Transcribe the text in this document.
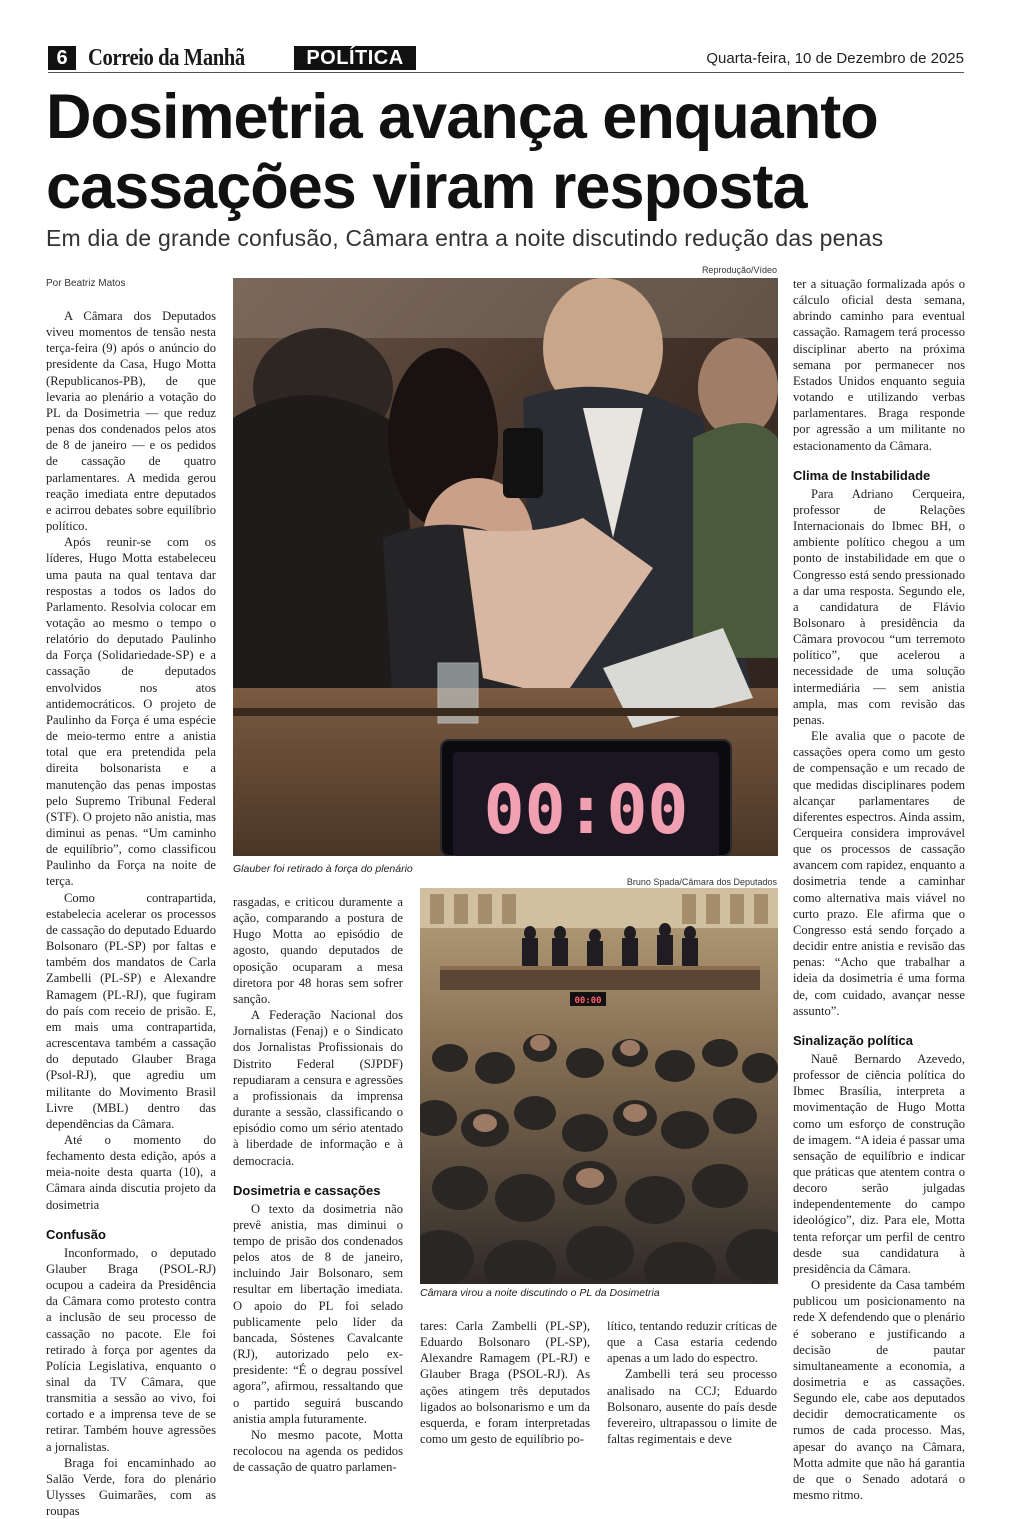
6 Correio da Manhã	POLÍTICA	Quarta-feira, 10 de Dezembro de 2025
Dosimetria avança enquanto
cassações viram resposta
Em dia de grande confusão, Câmara entra a noite discutindo redução das penas
Por Beatriz Matos

A Câmara dos Deputados viveu momentos de tensão nesta terça-feira (9) após o anúncio do presidente da Casa, Hugo Motta (Republicanos-PB), de que levaria ao plenário a votação do PL da Dosimetria — que reduz penas dos condenados pelos atos de 8 de janeiro — e os pedidos de cassação de quatro parlamentares. A medida gerou reação imediata entre deputados e acirrou debates sobre equilíbrio político.

Após reunir-se com os líderes, Hugo Motta estabeleceu uma pauta na qual tentava dar respostas a todos os lados do Parlamento. Resolvia colocar em votação ao mesmo o tempo o relatório do deputado Paulinho da Força (Solidariedade-SP) e a cassação de deputados envolvidos nos atos antidemocráticos. O projeto de Paulinho da Força é uma espécie de meio-termo entre a anistia total que era pretendida pela direita bolsonarista e a manutenção das penas impostas pelo Supremo Tribunal Federal (STF). O projeto não anistia, mas diminui as penas. “Um caminho de equilíbrio”, como classificou Paulinho da Força na noite de terça.

Como contrapartida, estabelecia acelerar os processos de cassação do deputado Eduardo Bolsonaro (PL-SP) por faltas e também dos mandatos de Carla Zambelli (PL-SP) e Alexandre Ramagem (PL-RJ), que fugiram do país com receio de prisão. E, em mais uma contrapartida, acrescentava também a cassação do deputado Glauber Braga (Psol-RJ), que agrediu um militante do Movimento Brasil Livre (MBL) dentro das dependências da Câmara.

Até o momento do fechamento desta edição, após a meia-noite desta quarta (10), a Câmara ainda discutia projeto da dosimetria

Confusão

Inconformado, o deputado Glauber Braga (PSOL-RJ) ocupou a cadeira da Presidência da Câmara como protesto contra a inclusão de seu processo de cassação no pacote. Ele foi retirado à força por agentes da Polícia Legislativa, enquanto o sinal da TV Câmara, que transmitia a sessão ao vivo, foi cortado e a imprensa teve de se retirar. Também houve agressões a jornalistas.

Braga foi encaminhado ao Salão Verde, fora do plenário Ulysses Guimarães, com as roupas

Reprodução/Vídeo
00:00
Glauber foi retirado à força do plenário

rasgadas, e criticou duramente a ação, comparando a postura de Hugo Motta ao episódio de agosto, quando deputados de oposição ocuparam a mesa diretora por 48 horas sem sofrer sanção.

A Federação Nacional dos Jornalistas (Fenaj) e o Sindicato dos Jornalistas Profissionais do Distrito Federal (SJPDF) repudiaram a censura e agressões a profissionais da imprensa durante a sessão, classificando o episódio como um sério atentado à liberdade de informação e à democracia.

Dosimetria e cassações

O texto da dosimetria não prevê anistia, mas diminui o tempo de prisão dos condenados pelos atos de 8 de janeiro, incluindo Jair Bolsonaro, sem resultar em libertação imediata. O apoio do PL foi selado publicamente pelo líder da bancada, Sóstenes Cavalcante (RJ), autorizado pelo ex-presidente: “É o degrau possível agora”, afirmou, ressaltando que o partido seguirá buscando anistia ampla futuramente.

No mesmo pacote, Motta recolocou na agenda os pedidos de cassação de quatro parlamen-

Bruno Spada/Câmara dos Deputados
00:00
Câmara virou a noite discutindo o PL da Dosimetria

tares: Carla Zambelli (PL-SP), Eduardo Bolsonaro (PL-SP), Alexandre Ramagem (PL-RJ) e Glauber Braga (PSOL-RJ). As ações atingem três deputados ligados ao bolsonarismo e um da esquerda, e foram interpretadas como um gesto de equilíbrio po-

lítico, tentando reduzir críticas de que a Casa estaria cedendo apenas a um lado do espectro.

Zambelli terá seu processo analisado na CCJ; Eduardo Bolsonaro, ausente do país desde fevereiro, ultrapassou o limite de faltas regimentais e deve

ter a situação formalizada após o cálculo oficial desta semana, abrindo caminho para eventual cassação. Ramagem terá processo disciplinar aberto na próxima semana por permanecer nos Estados Unidos enquanto seguia votando e utilizando verbas parlamentares. Braga responde por agressão a um militante no estacionamento da Câmara.

Clima de Instabilidade

Para Adriano Cerqueira, professor de Relações Internacionais do Ibmec BH, o ambiente político chegou a um ponto de instabilidade em que o Congresso está sendo pressionado a dar uma resposta. Segundo ele, a candidatura de Flávio Bolsonaro à presidência da Câmara provocou “um terremoto político”, que acelerou a necessidade de uma solução intermediária — sem anistia ampla, mas com revisão das penas.

Ele avalia que o pacote de cassações opera como um gesto de compensação e um recado de que medidas disciplinares podem alcançar parlamentares de diferentes espectros. Ainda assim, Cerqueira considera improvável que os processos de cassação avancem com rapidez, enquanto a dosimetria tende a caminhar como alternativa mais viável no curto prazo. Ele afirma que o Congresso está sendo forçado a decidir entre anistia e revisão das penas: “Acho que trabalhar a ideia da dosimetria é uma forma de, com cuidado, avançar nesse assunto”.

Sinalização política

Nauê Bernardo Azevedo, professor de ciência política do Ibmec Brasília, interpreta a movimentação de Hugo Motta como um esforço de construção de imagem. “A ideia é passar uma sensação de equilíbrio e indicar que práticas que atentem contra o decoro serão julgadas independentemente do campo ideológico”, diz. Para ele, Motta tenta reforçar um perfil de centro desde sua candidatura à presidência da Câmara.

O presidente da Casa também publicou um posicionamento na rede X defendendo que o plenário é soberano e justificando a decisão de pautar simultaneamente a economia, a dosimetria e as cassações. Segundo ele, cabe aos deputados decidir democraticamente os rumos de cada processo. Mas, apesar do avanço na Câmara, Motta admite que não há garantia de que o Senado adotará o mesmo ritmo.
